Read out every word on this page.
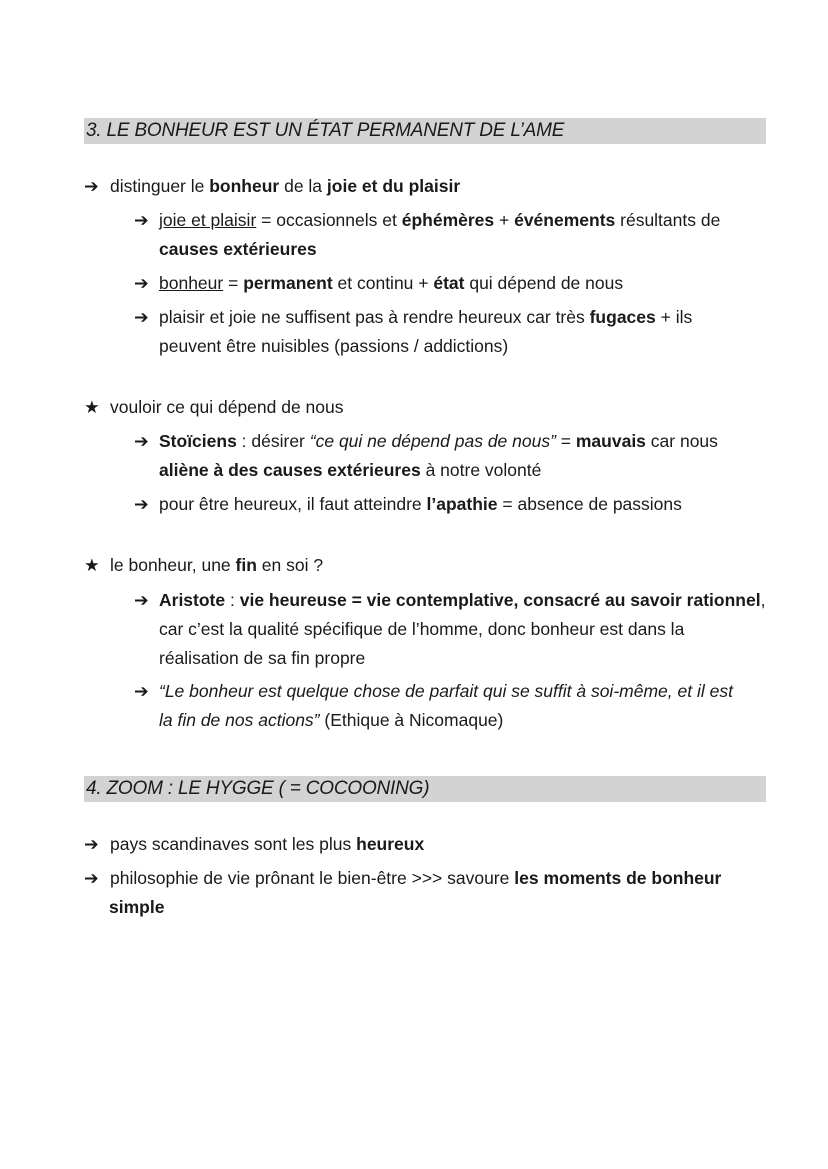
3. LE BONHEUR EST UN ÉTAT PERMANENT DE L’AME
➔ distinguer le bonheur de la joie et du plaisir
➔ joie et plaisir = occasionnels et éphémères + événements résultants de
causes extérieures
➔ bonheur = permanent et continu + état qui dépend de nous
➔ plaisir et joie ne suffisent pas à rendre heureux car très fugaces + ils
peuvent être nuisibles (passions / addictions)
★ vouloir ce qui dépend de nous
➔ Stoïciens : désirer “ce qui ne dépend pas de nous” = mauvais car nous
aliène à des causes extérieures à notre volonté
➔ pour être heureux, il faut atteindre l’apathie = absence de passions
★ le bonheur, une fin en soi ?
➔ Aristote : vie heureuse = vie contemplative, consacré au savoir rationnel,
car c’est la qualité spécifique de l’homme, donc bonheur est dans la
réalisation de sa fin propre
➔ “Le bonheur est quelque chose de parfait qui se suffit à soi-même, et il est
la fin de nos actions” (Ethique à Nicomaque)
4. ZOOM : LE HYGGE ( = COCOONING)
➔ pays scandinaves sont les plus heureux
➔ philosophie de vie prônant le bien-être >>> savoure les moments de bonheur
simple
